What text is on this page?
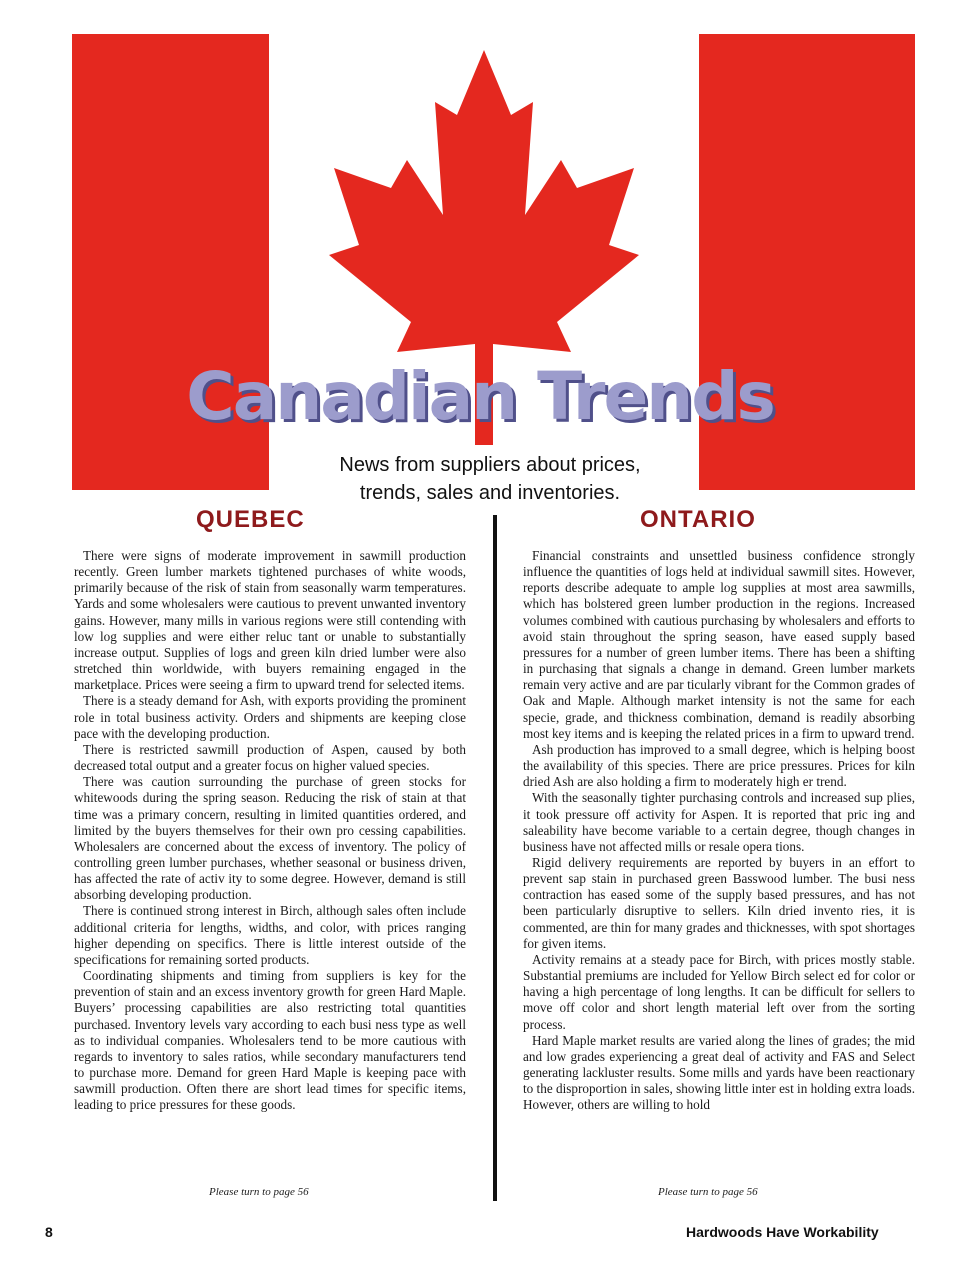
Canadian Trends
News from suppliers about prices,
trends, sales and inventories.
QUEBEC	ONTARIO

There were signs of moderate improvement in sawmill production recently. Green lumber markets tightened purchases of white woods, primarily because of the risk of stain from seasonally warm temperatures. Yards and some wholesalers were cautious to prevent unwanted inventory gains. However, many mills in various regions were still contending with low log supplies and were either reluc tant or unable to substantially increase output. Supplies of logs and green kiln dried lumber were also stretched thin worldwide, with buyers remaining engaged in the marketplace. Prices were seeing a firm to upward trend for selected items.

There is a steady demand for Ash, with exports providing the prominent role in total business activity. Orders and shipments are keeping close pace with the developing production.

There is restricted sawmill production of Aspen, caused by both decreased total output and a greater focus on higher valued species.

There was caution surrounding the purchase of green stocks for whitewoods during the spring season. Reducing the risk of stain at that time was a primary concern, resulting in limited quantities ordered, and limited by the buyers themselves for their own pro cessing capabilities. Wholesalers are concerned about the excess of inventory. The policy of controlling green lumber purchases, whether seasonal or business driven, has affected the rate of activ ity to some degree. However, demand is still absorbing developing production.

There is continued strong interest in Birch, although sales often include additional criteria for lengths, widths, and color, with prices ranging higher depending on specifics. There is little interest outside of the specifications for remaining sorted products.

Coordinating shipments and timing from suppliers is key for the prevention of stain and an excess inventory growth for green Hard Maple. Buyers’ processing capabilities are also restricting total quantities purchased. Inventory levels vary according to each busi ness type as well as to individual companies. Wholesalers tend to be more cautious with regards to inventory to sales ratios, while secondary manufacturers tend to purchase more. Demand for green Hard Maple is keeping pace with sawmill production. Often there are short lead times for specific items, leading to price pressures for these goods.

Financial constraints and unsettled business confidence strongly influence the quantities of logs held at individual sawmill sites. However, reports describe adequate to ample log supplies at most area sawmills, which has bolstered green lumber production in the regions. Increased volumes combined with cautious purchasing by wholesalers and efforts to avoid stain throughout the spring season, have eased supply based pressures for a number of green lumber items. There has been a shifting in purchasing that signals a change in demand. Green lumber markets remain very active and are par ticularly vibrant for the Common grades of Oak and Maple. Although market intensity is not the same for each specie, grade, and thickness combination, demand is readily absorbing most key items and is keeping the related prices in a firm to upward trend.

Ash production has improved to a small degree, which is helping boost the availability of this species. There are price pressures. Prices for kiln dried Ash are also holding a firm to moderately high er trend.

With the seasonally tighter purchasing controls and increased sup plies, it took pressure off activity for Aspen. It is reported that pric ing and saleability have become variable to a certain degree, though changes in business have not affected mills or resale opera tions.

Rigid delivery requirements are reported by buyers in an effort to prevent sap stain in purchased green Basswood lumber. The busi ness contraction has eased some of the supply based pressures, and has not been particularly disruptive to sellers. Kiln dried invento ries, it is commented, are thin for many grades and thicknesses, with spot shortages for given items.

Activity remains at a steady pace for Birch, with prices mostly stable. Substantial premiums are included for Yellow Birch select ed for color or having a high percentage of long lengths. It can be difficult for sellers to move off color and short length material left over from the sorting process.

Hard Maple market results are varied along the lines of grades; the mid and low grades experiencing a great deal of activity and FAS and Select generating lackluster results. Some mills and yards have been reactionary to the disproportion in sales, showing little inter est in holding extra loads. However, others are willing to hold

Please turn to page 56	Please turn to page 56
8	Hardwoods Have Workability
